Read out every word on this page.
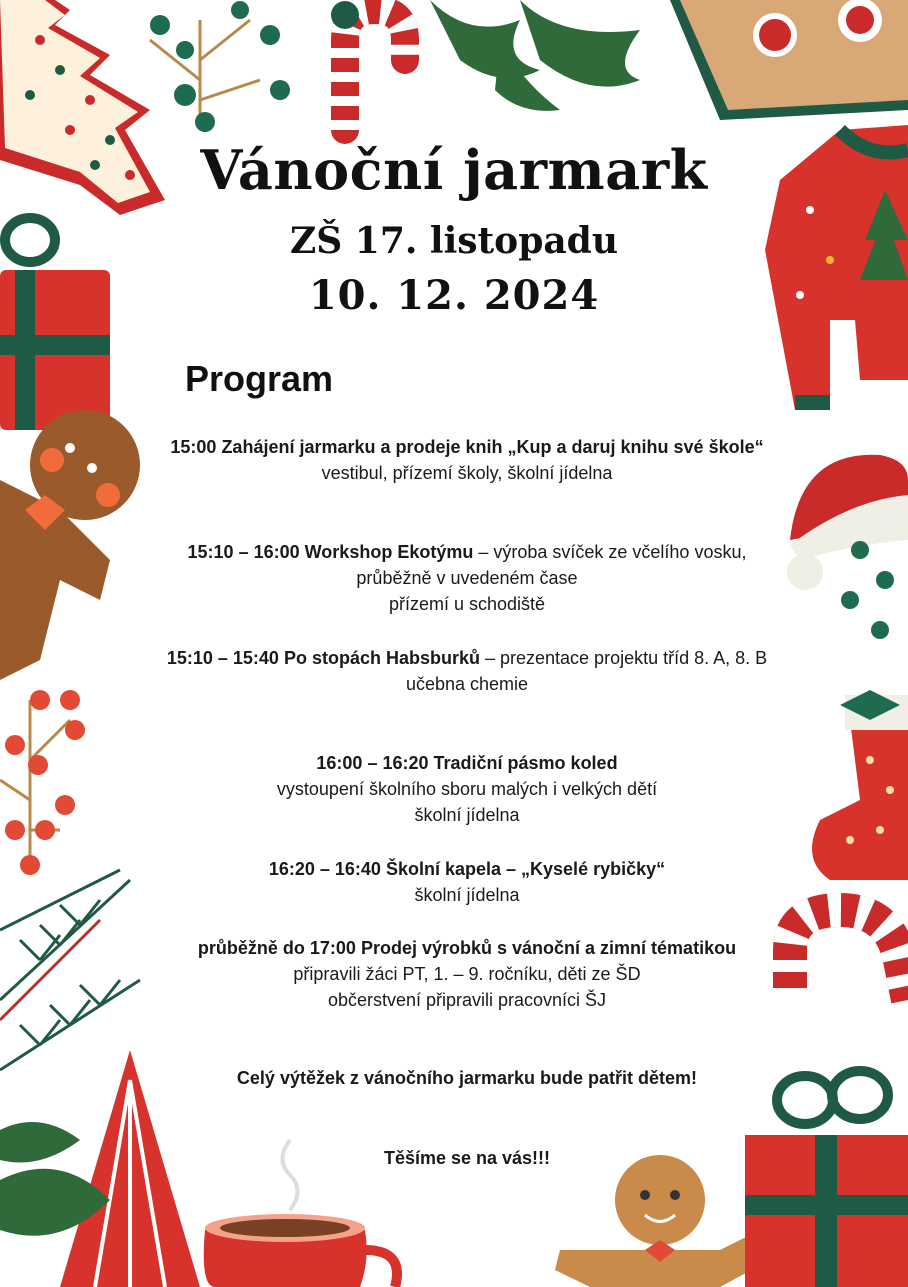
Vánoční jarmark
ZŠ 17. listopadu
10. 12. 2024
Program
15:00 Zahájení jarmarku a prodeje knih „Kup a daruj knihu své škole“
vestibul, přízemí školy, školní jídelna
15:10 – 16:00 Workshop Ekotýmu – výroba svíček ze včelího vosku, průběžně v uvedeném čase
přízemí u schodiště
15:10 – 15:40 Po stopách Habsburků – prezentace projektu tříd 8. A, 8. B
učebna chemie
16:00 – 16:20 Tradiční pásmo koled
vystoupení školního sboru malých i velkých dětí
školní jídelna
16:20 – 16:40 Školní kapela – „Kyselé rybičky“
školní jídelna
průběžně do 17:00 Prodej výrobků s vánoční a zimní tématikou
připravili žáci PT, 1. – 9. ročníku, děti ze ŠD
občerstvení připravili pracovníci ŠJ
Celý výtěžek z vánočního jarmarku bude patřit dětem!
Těšíme se na vás!!!
